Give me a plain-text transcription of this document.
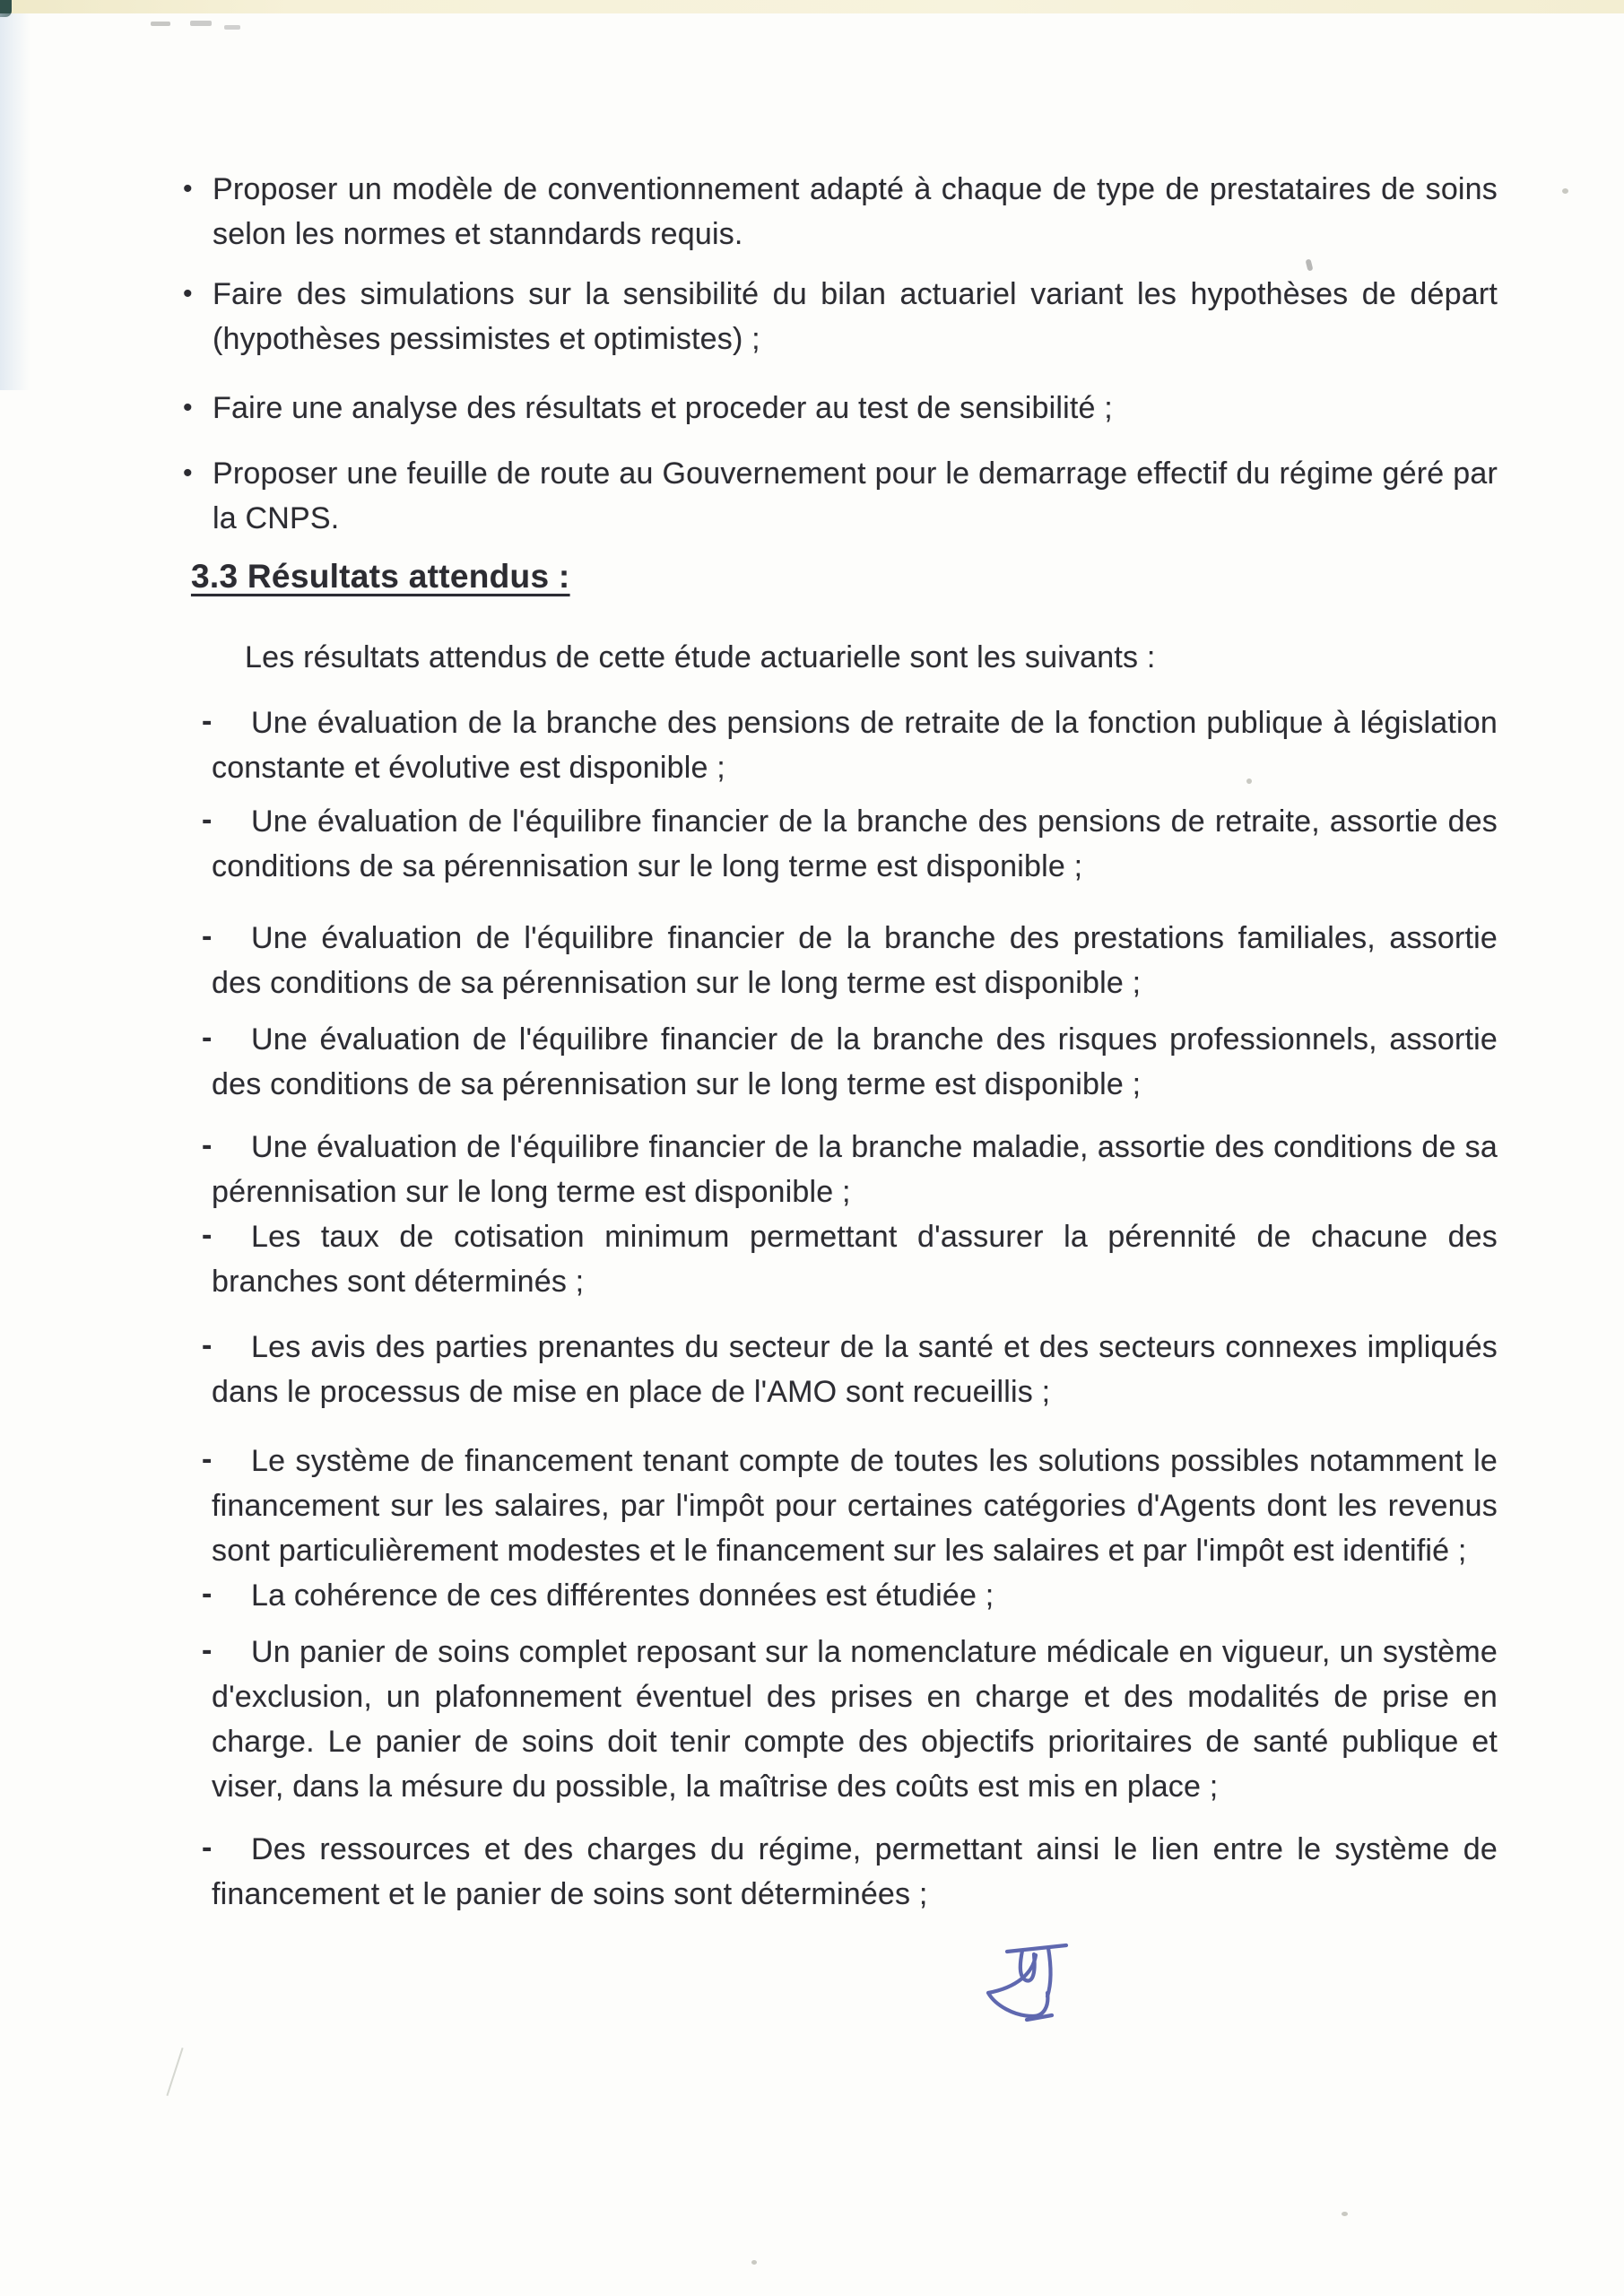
• Proposer un modèle de conventionnement adapté à chaque de type de prestataires de soins selon les normes et stanndards requis.
• Faire des simulations sur la sensibilité du bilan actuariel variant les hypothèses de départ (hypothèses pessimistes et optimistes) ;
• Faire une analyse des résultats et proceder au test de sensibilité ;
• Proposer une feuille de route au Gouvernement pour le demarrage effectif du régime géré par la CNPS.
3.3 Résultats attendus :
Les résultats attendus de cette étude actuarielle sont les suivants :
- Une évaluation de la branche des pensions de retraite de la fonction publique à législation constante et évolutive est disponible ;
- Une évaluation de l'équilibre financier de la branche des pensions de retraite, assortie des conditions de sa pérennisation sur le long terme est disponible ;
- Une évaluation de l'équilibre financier de la branche des prestations familiales, assortie des conditions de sa pérennisation sur le long terme est disponible ;
- Une évaluation de l'équilibre financier de la branche des risques professionnels, assortie des conditions de sa pérennisation sur le long terme est disponible ;
- Une évaluation de l'équilibre financier de la branche maladie, assortie des conditions de sa pérennisation sur le long terme est disponible ;
- Les taux de cotisation minimum permettant d'assurer la pérennité de chacune des branches sont déterminés ;
- Les avis des parties prenantes du secteur de la santé et des secteurs connexes impliqués dans le processus de mise en place de l'AMO sont recueillis ;
- Le système de financement tenant compte de toutes les solutions possibles notamment le financement sur les salaires, par l'impôt pour certaines catégories d'Agents dont les revenus sont particulièrement modestes et le financement sur les salaires et par l'impôt est identifié ;
- La cohérence de ces différentes données est étudiée ;
- Un panier de soins complet reposant sur la nomenclature médicale en vigueur, un système d'exclusion, un plafonnement éventuel des prises en charge et des modalités de prise en charge. Le panier de soins doit tenir compte des objectifs prioritaires de santé publique et viser, dans la mésure du possible, la maîtrise des coûts est mis en place ;
- Des ressources et des charges du régime, permettant ainsi le lien entre le système de financement et le panier de soins sont déterminées ;
